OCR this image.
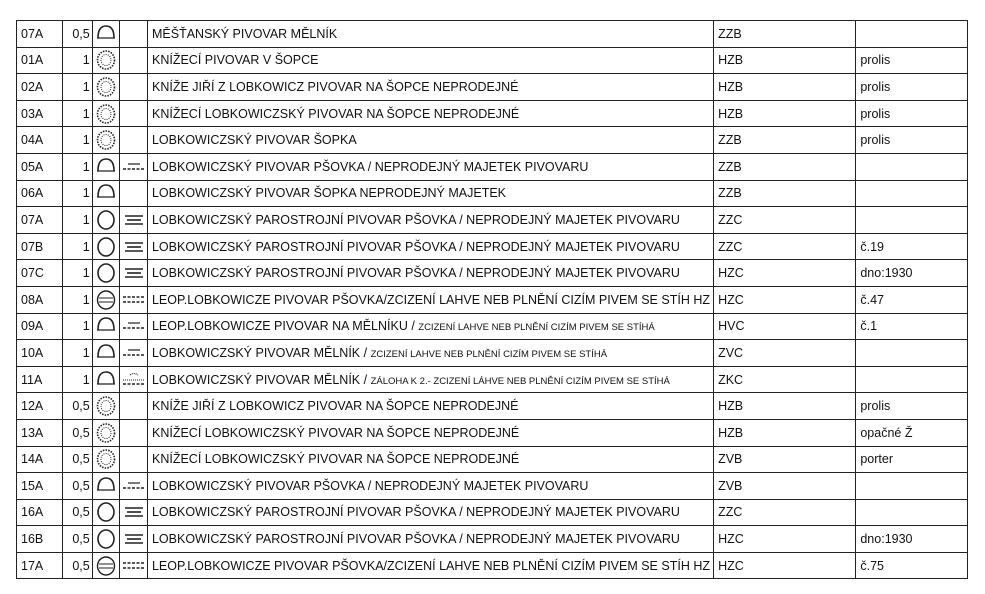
07A	0,5			MĚŠŤANSKÝ PIVOVAR MĚLNÍK	ZZB	
01A	1			KNÍŽECÍ PIVOVAR V ŠOPCE	HZB	prolis
02A	1			KNÍŽE JIŘÍ Z LOBKOWICZ PIVOVAR NA ŠOPCE NEPRODEJNÉ	HZB	prolis
03A	1			KNÍŽECÍ LOBKOWICZSKÝ PIVOVAR NA ŠOPCE NEPRODEJNÉ	HZB	prolis
04A	1			LOBKOWICZSKÝ PIVOVAR ŠOPKA	ZZB	prolis
05A	1			LOBKOWICZSKÝ PIVOVAR PŠOVKA / NEPRODEJNÝ MAJETEK PIVOVARU	ZZB	
06A	1			LOBKOWICZSKÝ PIVOVAR ŠOPKA NEPRODEJNÝ MAJETEK	ZZB	
07A	1			LOBKOWICZSKÝ PAROSTROJNÍ PIVOVAR PŠOVKA / NEPRODEJNÝ MAJETEK PIVOVARU	ZZC	
07B	1			LOBKOWICZSKÝ PAROSTROJNÍ PIVOVAR PŠOVKA / NEPRODEJNÝ MAJETEK PIVOVARU	ZZC	č.19
07C	1			LOBKOWICZSKÝ PAROSTROJNÍ PIVOVAR PŠOVKA / NEPRODEJNÝ MAJETEK PIVOVARU	HZC	dno:1930
08A	1			LEOP.LOBKOWICZE PIVOVAR PŠOVKA/ZCIZENÍ LAHVE NEB PLNĚNÍ CIZÍM PIVEM SE STÍH HZ	HZC	č.47
09A	1			LEOP.LOBKOWICZE PIVOVAR NA MĚLNÍKU / ZCIZENÍ LAHVE NEB PLNĚNÍ CIZÍM PIVEM SE STÍHÁ	HVC	č.1
10A	1			LOBKOWICZSKÝ PIVOVAR MĚLNÍK / ZCIZENÍ LAHVE NEB PLNĚNÍ CIZÍM PIVEM SE STÍHÁ	ZVC	
11A	1			LOBKOWICZSKÝ PIVOVAR MĚLNÍK / ZÁLOHA K 2.- ZCIZENÍ LÁHVE NEB PLNĚNÍ CIZÍM PIVEM SE STÍHÁ	ZKC	
12A	0,5			KNÍŽE JIŘÍ Z LOBKOWICZ PIVOVAR NA ŠOPCE NEPRODEJNÉ	HZB	prolis
13A	0,5			KNÍŽECÍ LOBKOWICZSKÝ PIVOVAR NA ŠOPCE NEPRODEJNÉ	HZB	opačné Ž
14A	0,5			KNÍŽECÍ LOBKOWICZSKÝ PIVOVAR NA ŠOPCE NEPRODEJNÉ	ZVB	porter
15A	0,5			LOBKOWICZSKÝ PIVOVAR PŠOVKA / NEPRODEJNÝ MAJETEK PIVOVARU	ZVB	
16A	0,5			LOBKOWICZSKÝ PAROSTROJNÍ PIVOVAR PŠOVKA / NEPRODEJNÝ MAJETEK PIVOVARU	ZZC	
16B	0,5			LOBKOWICZSKÝ PAROSTROJNÍ PIVOVAR PŠOVKA / NEPRODEJNÝ MAJETEK PIVOVARU	HZC	dno:1930
17A	0,5			LEOP.LOBKOWICZE PIVOVAR PŠOVKA/ZCIZENÍ LAHVE NEB PLNĚNÍ CIZÍM PIVEM SE STÍH HZ	HZC	č.75
